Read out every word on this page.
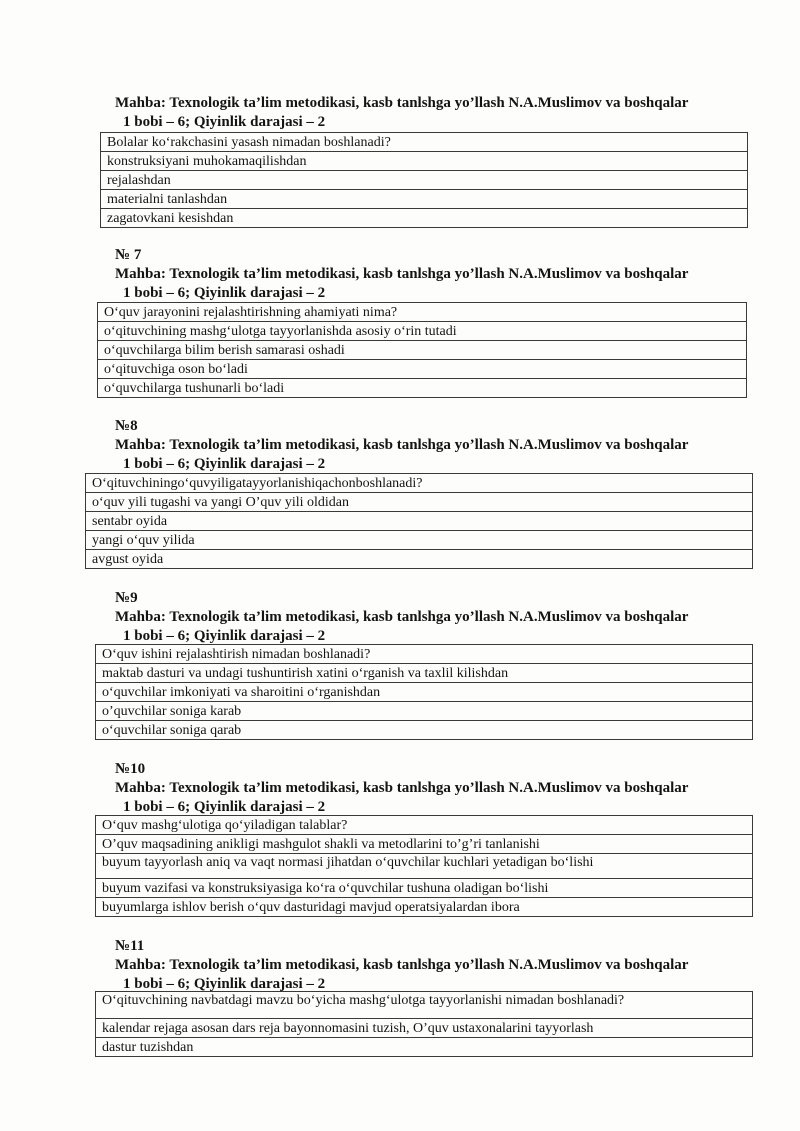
Mahba: Texnologik ta’lim metodikasi, kasb tanlshga yo’llash N.A.Muslimov va boshqalar
1 bobi – 6; Qiyinlik darajasi – 2
Bolalar ko‘rakchasini yasash nimadan boshlanadi?
konstruksiyani muhokamaqilishdan
rejalashdan
materialni tanlashdan
zagatovkani kesishdan
№ 7
Mahba: Texnologik ta’lim metodikasi, kasb tanlshga yo’llash N.A.Muslimov va boshqalar
1 bobi – 6; Qiyinlik darajasi – 2
O‘quv jarayonini rejalashtirishning ahamiyati nima?
o‘qituvchining mashg‘ulotga tayyorlanishda asosiy o‘rin tutadi
o‘quvchilarga bilim berish samarasi oshadi
o‘qituvchiga oson bo‘ladi
o‘quvchilarga tushunarli bo‘ladi
№8
Mahba: Texnologik ta’lim metodikasi, kasb tanlshga yo’llash N.A.Muslimov va boshqalar
1 bobi – 6; Qiyinlik darajasi – 2
O‘qituvchiningo‘quvyiligatayyorlanishiqachonboshlanadi?
o‘quv yili tugashi va yangi O’quv yili oldidan
sentabr oyida
yangi o‘quv yilida
avgust oyida
№9
Mahba: Texnologik ta’lim metodikasi, kasb tanlshga yo’llash N.A.Muslimov va boshqalar
1 bobi – 6; Qiyinlik darajasi – 2
O‘quv ishini rejalashtirish nimadan boshlanadi?
maktab dasturi va undagi tushuntirish xatini o‘rganish va taxlil kilishdan
o‘quvchilar imkoniyati va sharoitini o‘rganishdan
o’quvchilar soniga karab
o‘quvchilar soniga qarab
№10
Mahba: Texnologik ta’lim metodikasi, kasb tanlshga yo’llash N.A.Muslimov va boshqalar
1 bobi – 6; Qiyinlik darajasi – 2
O‘quv mashg‘ulotiga qo‘yiladigan talablar?
O’quv maqsadining anikligi mashgulot shakli va metodlarini to’g’ri tanlanishi
buyum tayyorlash aniq va vaqt normasi jihatdan o‘quvchilar kuchlari yetadigan bo‘lishi
buyum vazifasi va konstruksiyasiga ko‘ra o‘quvchilar tushuna oladigan bo‘lishi
buyumlarga ishlov berish o‘quv dasturidagi mavjud operatsiyalardan ibora
№11
Mahba: Texnologik ta’lim metodikasi, kasb tanlshga yo’llash N.A.Muslimov va boshqalar
1 bobi – 6; Qiyinlik darajasi – 2
O‘qituvchining navbatdagi mavzu bo‘yicha mashg‘ulotga tayyorlanishi nimadan boshlanadi?
kalendar rejaga asosan dars reja bayonnomasini tuzish, O’quv ustaxonalarini tayyorlash
dastur tuzishdan
